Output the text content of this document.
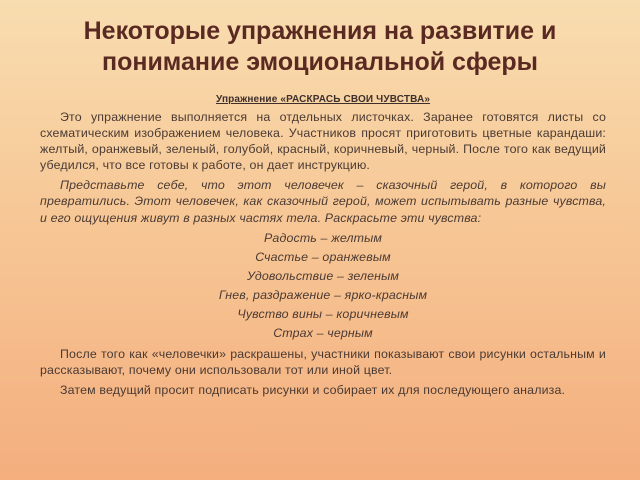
Некоторые упражнения на развитие и понимание эмоциональной сферы
Упражнение «РАСКРАСЬ СВОИ ЧУВСТВА»

Это упражнение выполняется на отдельных листочках. Заранее готовятся листы со схематическим изображением человека. Участников просят приготовить цветные карандаши: желтый, оранжевый, зеленый, голубой, красный, коричневый, черный. После того как ведущий убедился, что все готовы к работе, он дает инструкцию.

Представьте себе, что этот человечек – сказочный герой, в которого вы превратились. Этот человечек, как сказочный герой, может испытывать разные чувства, и его ощущения живут в разных частях тела. Раскрасьте эти чувства:

Радость – желтым
Счастье – оранжевым
Удовольствие – зеленым
Гнев, раздражение – ярко-красным
Чувство вины – коричневым
Страх – черным

После того как «человечки» раскрашены, участники показывают свои рисунки остальным и рассказывают, почему они использовали тот или иной цвет.

Затем ведущий просит подписать рисунки и собирает их для последующего анализа.
